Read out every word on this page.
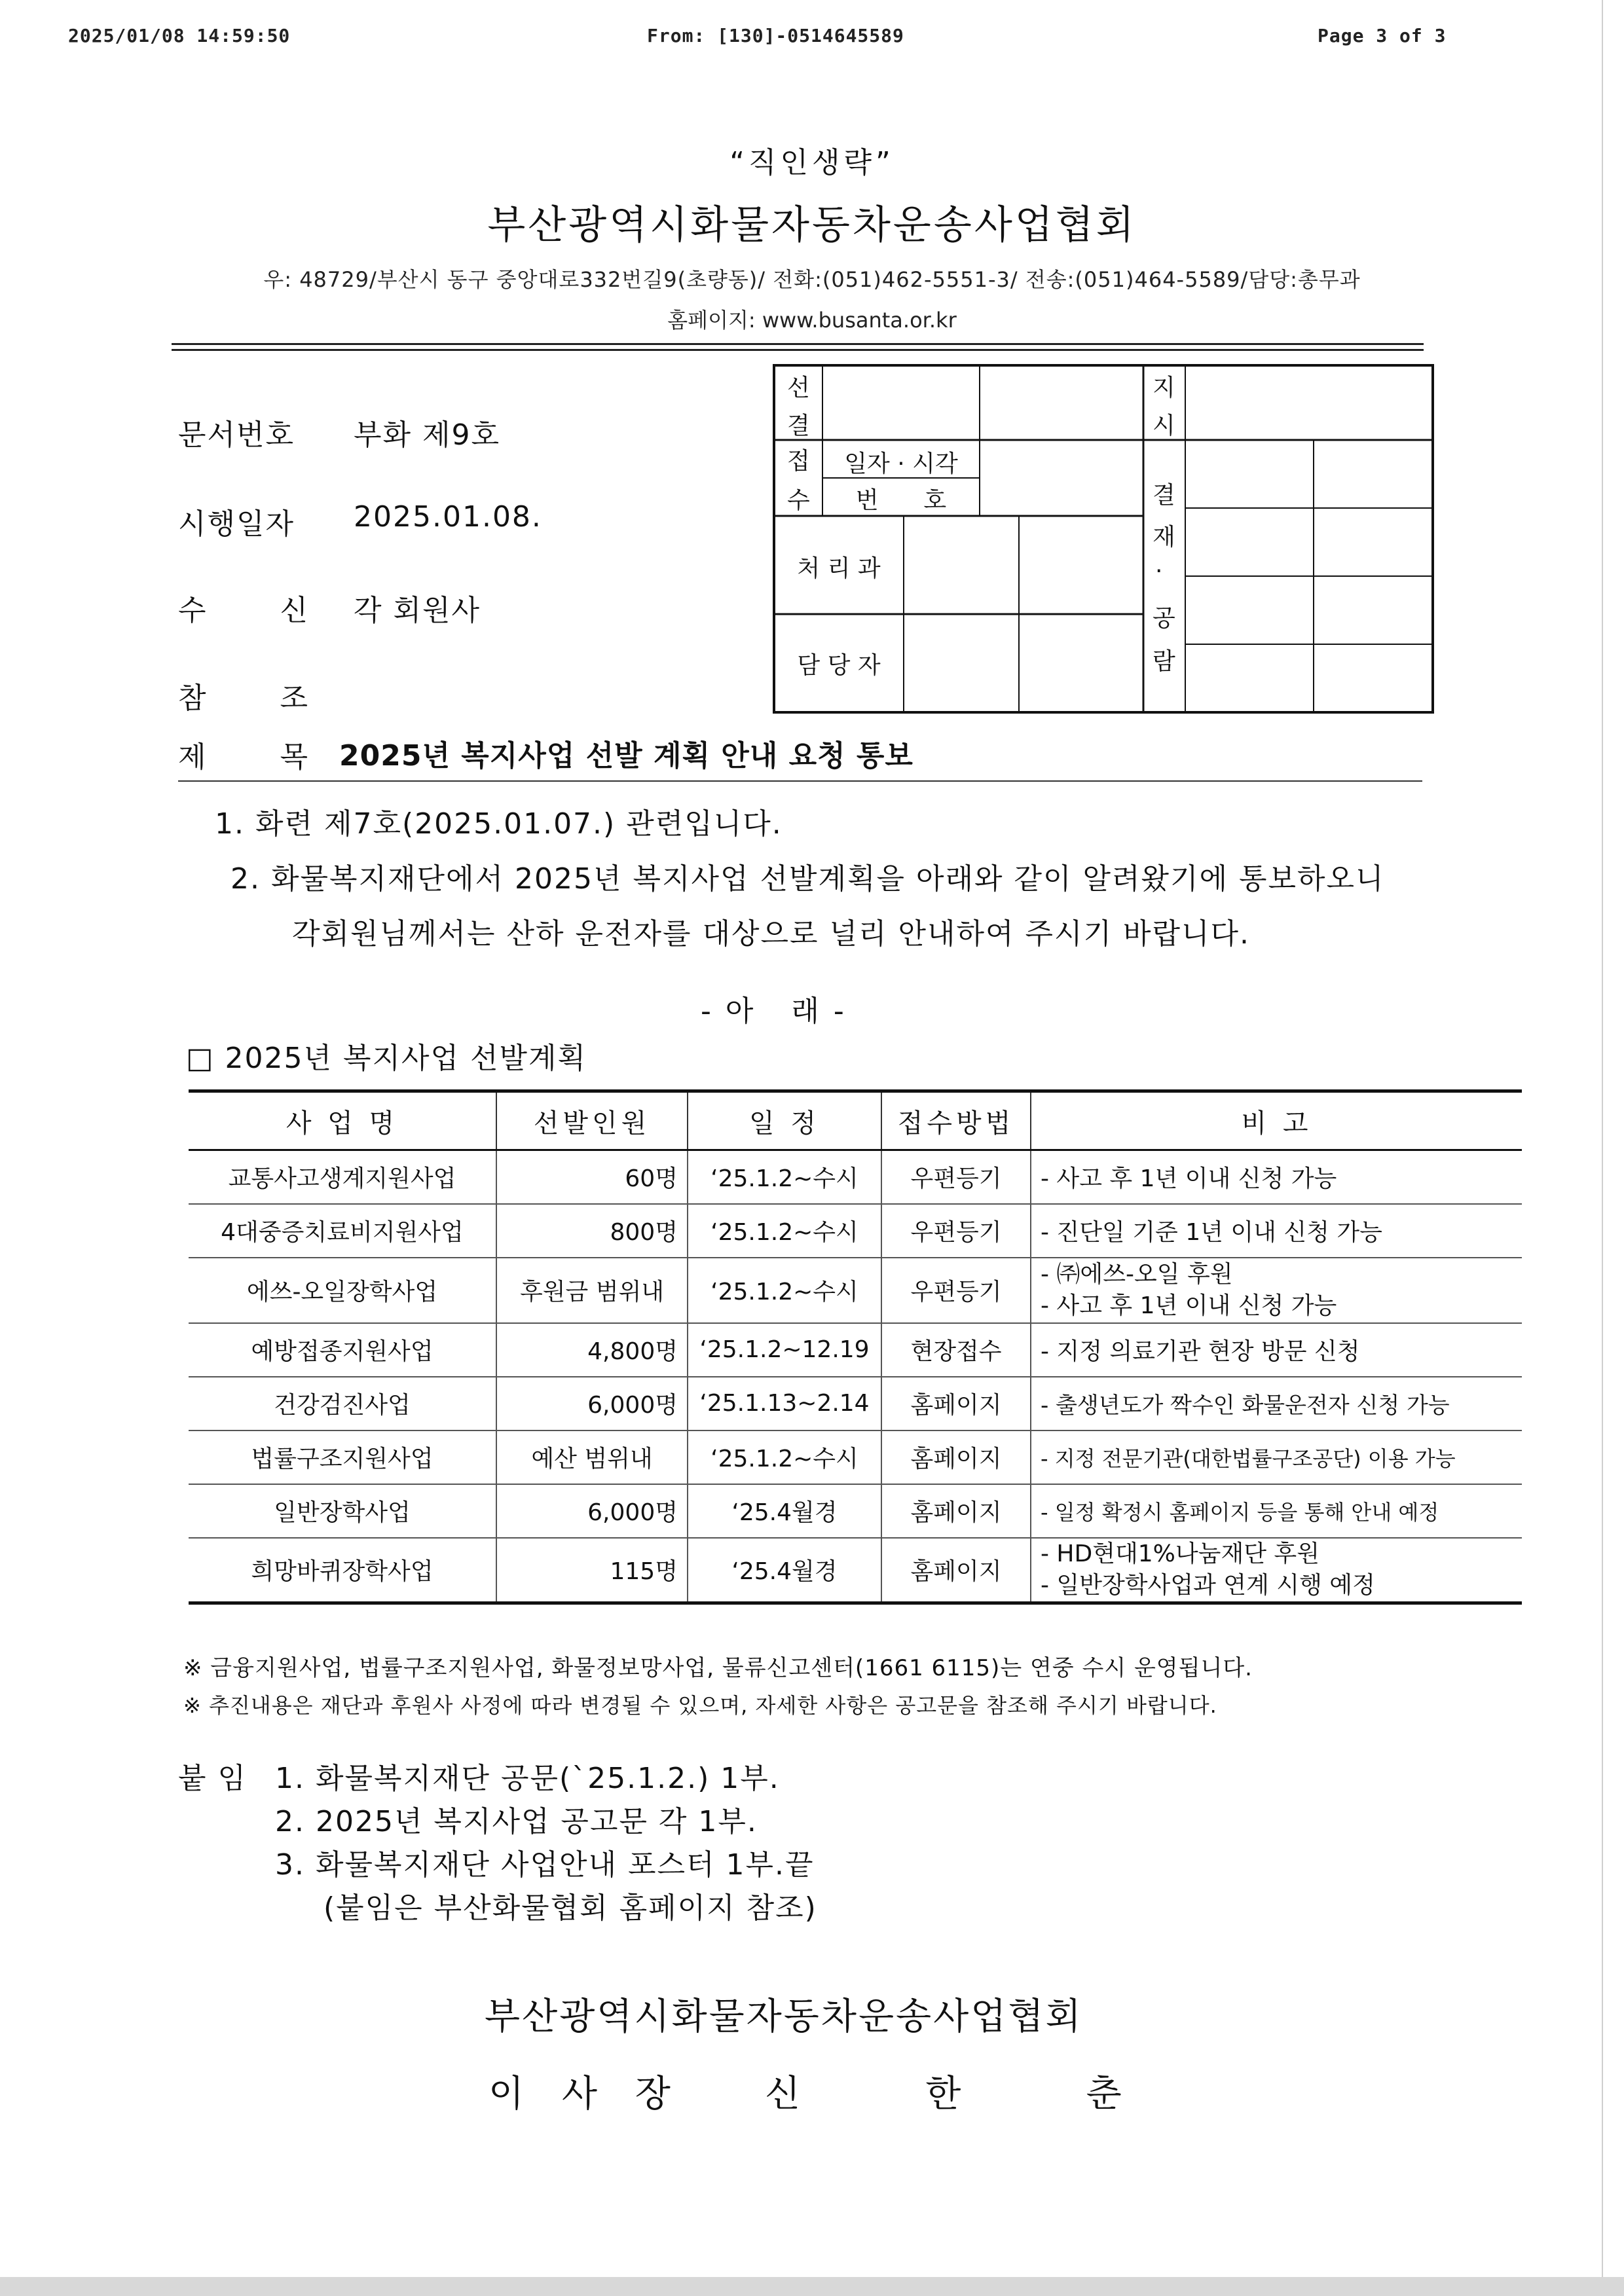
2025/01/08 14:59:50	From: [130]-0514645589	Page 3 of 3
“직인생략”
부산광역시화물자동차운송사업협회
우: 48729/부산시 동구 중앙대로332번길9(초량동)/ 전화:(051)462-5551-3/ 전송:(051)464-5589/담당:총무과
홈페이지: www.busanta.or.kr
문서번호 부화 제9호
시행일자 2025.01.08.
수	신 각 회원사
참	조
제	목 2025년 복지사업 선발 계획 안내 요청 통보
선
결
지
시
접
수
일자 · 시각
번      호
처 리 과
담 당 자
결
재
·
공
람
1. 화련 제7호(2025.01.07.) 관련입니다.
2. 화물복지재단에서 2025년 복지사업 선발계획을 아래와 같이 알려왔기에 통보하오니
각회원님께서는 산하 운전자를 대상으로 널리 안내하여 주시기 바랍니다.
- 아   래 -
□ 2025년 복지사업 선발계획
사 업 명	선발인원	일 정	접수방법	비 고
교통사고생계지원사업	60명	‘25.1.2~수시	우편등기	- 사고 후 1년 이내 신청 가능
4대중증치료비지원사업	800명	‘25.1.2~수시	우편등기	- 진단일 기준 1년 이내 신청 가능
에쓰-오일장학사업	후원금 범위내	‘25.1.2~수시	우편등기	- ㈜에쓰-오일 후원
- 사고 후 1년 이내 신청 가능

예방접종지원사업	4,800명	‘25.1.2~12.19	현장접수	- 지정 의료기관 현장 방문 신청
건강검진사업	6,000명	‘25.1.13~2.14	홈페이지	- 출생년도가 짝수인 화물운전자 신청 가능
법률구조지원사업	예산 범위내	‘25.1.2~수시	홈페이지	- 지정 전문기관(대한법률구조공단) 이용 가능
일반장학사업	6,000명	‘25.4월경	홈페이지	- 일정 확정시 홈페이지 등을 통해 안내 예정
희망바퀴장학사업	115명	‘25.4월경	홈페이지	- HD현대1%나눔재단 후원
- 일반장학사업과 연계 시행 예정
※ 금융지원사업, 법률구조지원사업, 화물정보망사업, 물류신고센터(1661 6115)는 연중 수시 운영됩니다.
※ 추진내용은 재단과 후원사 사정에 따라 변경될 수 있으며, 자세한 사항은 공고문을 참조해 주시기 바랍니다.
붙 임 1. 화물복지재단 공문(`25.1.2.) 1부.
2. 2025년 복지사업 공고문 각 1부.
3. 화물복지재단 사업안내 포스터 1부.끝
(붙임은 부산화물협회 홈페이지 참조)
부산광역시화물자동차운송사업협회
이 사 장 신    한    춘
